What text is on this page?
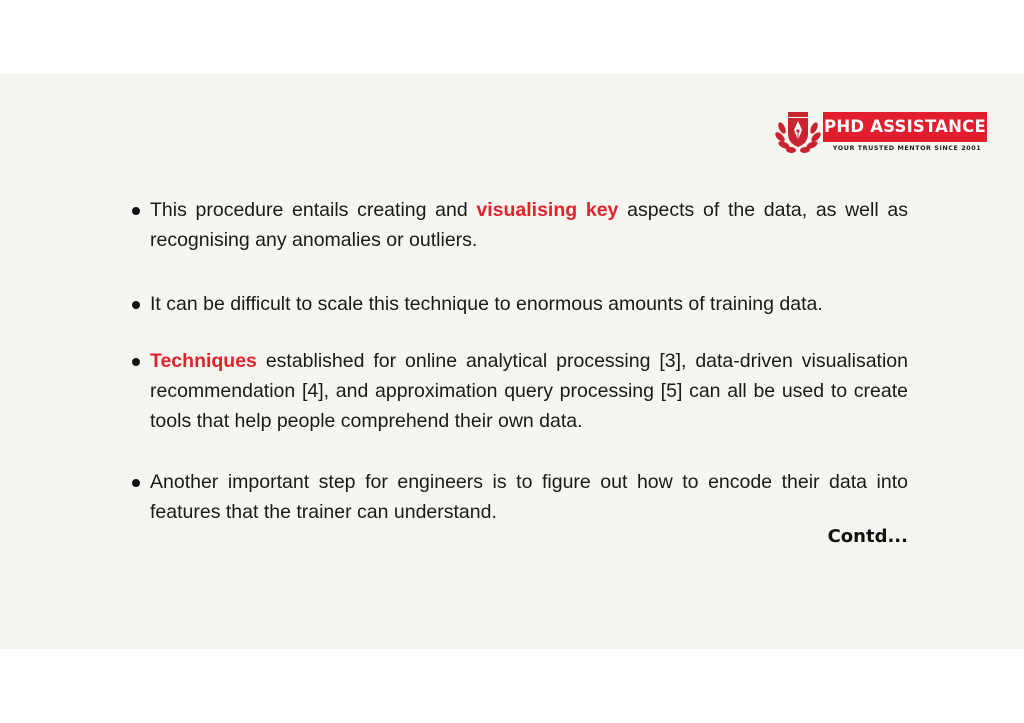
PHD ASSISTANCE
YOUR TRUSTED MENTOR SINCE 2001
This procedure entails creating and visualising key aspects of the data, as well as recognising any anomalies or outliers.
It can be difficult to scale this technique to enormous amounts of training data.
Techniques established for online analytical processing [3], data-driven visualisation recommendation [4], and approximation query processing [5] can all be used to create tools that help people comprehend their own data.
Another important step for engineers is to figure out how to encode their data into features that the trainer can understand.
Contd...
